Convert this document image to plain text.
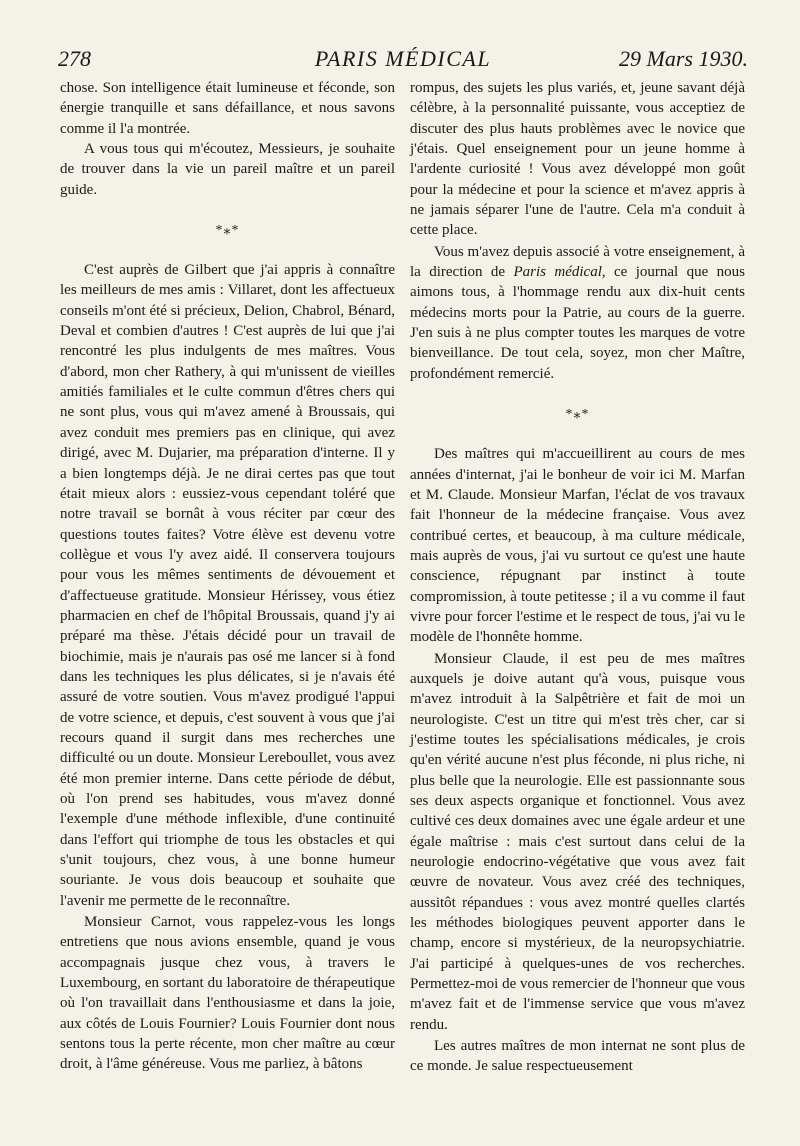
278	PARIS MÉDICAL	29 Mars 1930.

chose. Son intelligence était lumineuse et féconde, son énergie tranquille et sans défaillance, et nous savons comme il l'a montrée.

A vous tous qui m'écoutez, Messieurs, je souhaite de trouver dans la vie un pareil maître et un pareil guide.

*⁎*

C'est auprès de Gilbert que j'ai appris à connaître les meilleurs de mes amis : Villaret, dont les affectueux conseils m'ont été si précieux, Delion, Chabrol, Bénard, Deval et combien d'autres ! C'est auprès de lui que j'ai rencontré les plus indulgents de mes maîtres. Vous d'abord, mon cher Rathery, à qui m'unissent de vieilles amitiés familiales et le culte commun d'êtres chers qui ne sont plus, vous qui m'avez amené à Broussais, qui avez conduit mes premiers pas en clinique, qui avez dirigé, avec M. Dujarier, ma préparation d'interne. Il y a bien longtemps déjà. Je ne dirai certes pas que tout était mieux alors : eussiez-vous cependant toléré que notre travail se bornât à vous réciter par cœur des questions toutes faites? Votre élève est devenu votre collègue et vous l'y avez aidé. Il conservera toujours pour vous les mêmes sentiments de dévouement et d'affectueuse gratitude. Monsieur Hérissey, vous étiez pharmacien en chef de l'hôpital Broussais, quand j'y ai préparé ma thèse. J'étais décidé pour un travail de biochimie, mais je n'aurais pas osé me lancer si à fond dans les techniques les plus délicates, si je n'avais été assuré de votre soutien. Vous m'avez prodigué l'appui de votre science, et depuis, c'est souvent à vous que j'ai recours quand il surgit dans mes recherches une difficulté ou un doute. Monsieur Lereboullet, vous avez été mon premier interne. Dans cette période de début, où l'on prend ses habitudes, vous m'avez donné l'exemple d'une méthode inflexible, d'une continuité dans l'effort qui triomphe de tous les obstacles et qui s'unit toujours, chez vous, à une bonne humeur souriante. Je vous dois beaucoup et souhaite que l'avenir me permette de le reconnaître.

Monsieur Carnot, vous rappelez-vous les longs entretiens que nous avions ensemble, quand je vous accompagnais jusque chez vous, à travers le Luxembourg, en sortant du laboratoire de thérapeutique où l'on travaillait dans l'enthousiasme et dans la joie, aux côtés de Louis Fournier? Louis Fournier dont nous sentons tous la perte récente, mon cher maître au cœur droit, à l'âme généreuse. Vous me parliez, à bâtons

rompus, des sujets les plus variés, et, jeune savant déjà célèbre, à la personnalité puissante, vous acceptiez de discuter des plus hauts problèmes avec le novice que j'étais. Quel enseignement pour un jeune homme à l'ardente curiosité ! Vous avez développé mon goût pour la médecine et pour la science et m'avez appris à ne jamais séparer l'une de l'autre. Cela m'a conduit à cette place.

Vous m'avez depuis associé à votre enseignement, à la direction de Paris médical, ce journal que nous aimons tous, à l'hommage rendu aux dix-huit cents médecins morts pour la Patrie, au cours de la guerre. J'en suis à ne plus compter toutes les marques de votre bienveillance. De tout cela, soyez, mon cher Maître, profondément remercié.

*⁎*

Des maîtres qui m'accueillirent au cours de mes années d'internat, j'ai le bonheur de voir ici M. Marfan et M. Claude. Monsieur Marfan, l'éclat de vos travaux fait l'honneur de la médecine française. Vous avez contribué certes, et beaucoup, à ma culture médicale, mais auprès de vous, j'ai vu surtout ce qu'est une haute conscience, répugnant par instinct à toute compromission, à toute petitesse ; il a vu comme il faut vivre pour forcer l'estime et le respect de tous, j'ai vu le modèle de l'honnête homme.

Monsieur Claude, il est peu de mes maîtres auxquels je doive autant qu'à vous, puisque vous m'avez introduit à la Salpêtrière et fait de moi un neurologiste. C'est un titre qui m'est très cher, car si j'estime toutes les spécialisations médicales, je crois qu'en vérité aucune n'est plus féconde, ni plus riche, ni plus belle que la neurologie. Elle est passionnante sous ses deux aspects organique et fonctionnel. Vous avez cultivé ces deux domaines avec une égale ardeur et une égale maîtrise : mais c'est surtout dans celui de la neurologie endocrino-végétative que vous avez fait œuvre de novateur. Vous avez créé des techniques, aussitôt répandues : vous avez montré quelles clartés les méthodes biologiques peuvent apporter dans le champ, encore si mystérieux, de la neuropsychiatrie. J'ai participé à quelques-unes de vos recherches. Permettez-moi de vous remercier de l'honneur que vous m'avez fait et de l'immense service que vous m'avez rendu.

Les autres maîtres de mon internat ne sont plus de ce monde. Je salue respectueusement
